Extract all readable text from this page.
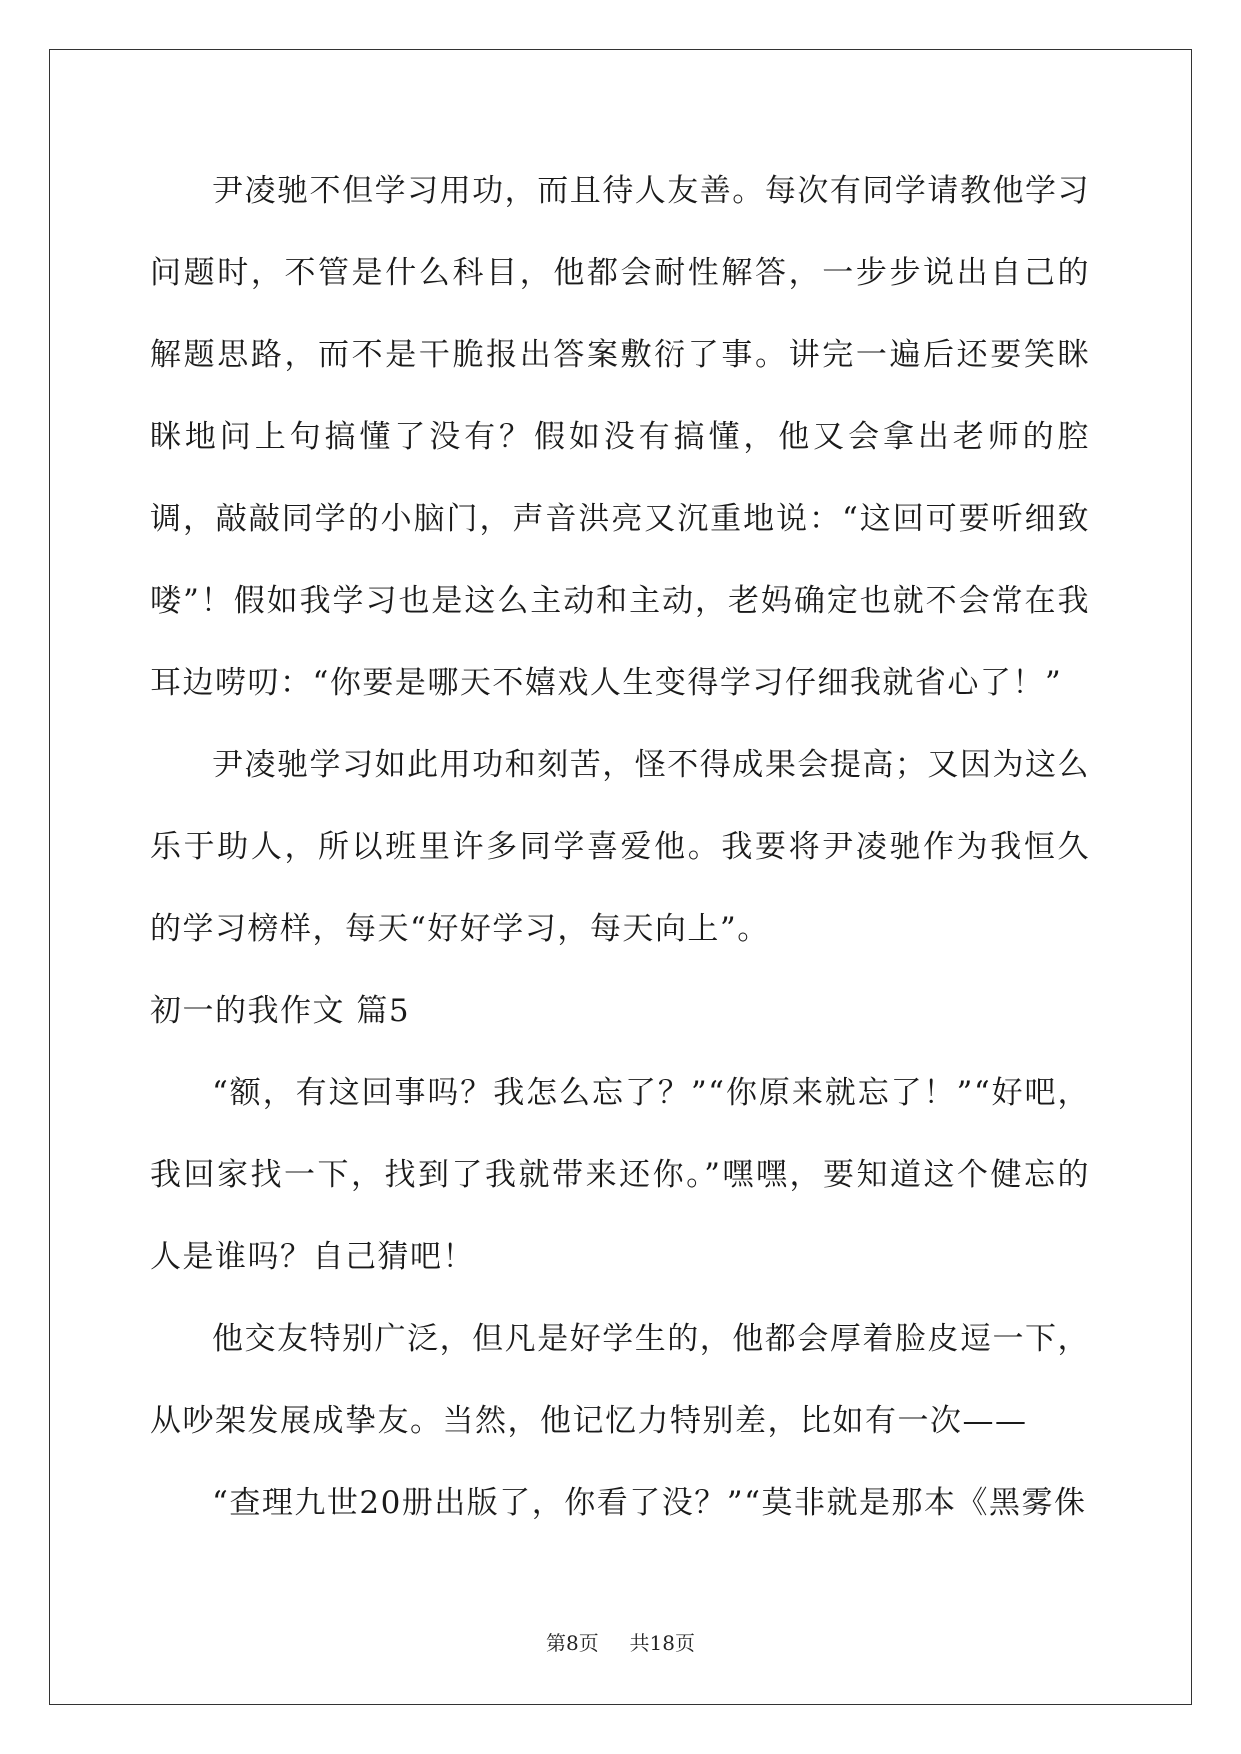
尹凌驰不但学习用功，而且待人友善。每次有同学请教他学习问题时，不管是什么科目，他都会耐性解答，一步步说出自己的解题思路，而不是干脆报出答案敷衍了事。讲完一遍后还要笑眯眯地问上句搞懂了没有？假如没有搞懂，他又会拿出老师的腔调，敲敲同学的小脑门，声音洪亮又沉重地说：“这回可要听细致喽”！假如我学习也是这么主动和主动，老妈确定也就不会常在我耳边唠叨：“你要是哪天不嬉戏人生变得学习仔细我就省心了！”

尹凌驰学习如此用功和刻苦，怪不得成果会提高；又因为这么乐于助人，所以班里许多同学喜爱他。我要将尹凌驰作为我恒久的学习榜样，每天“好好学习，每天向上”。

初一的我作文 篇5

“额，有这回事吗？我怎么忘了？”“你原来就忘了！”“好吧，我回家找一下，找到了我就带来还你。”嘿嘿，要知道这个健忘的人是谁吗？自己猜吧！

他交友特别广泛，但凡是好学生的，他都会厚着脸皮逗一下，从吵架发展成挚友。当然，他记忆力特别差，比如有一次——

“查理九世20册出版了，你看了没？”“莫非就是那本《黑雾侏

第8页 共18页
